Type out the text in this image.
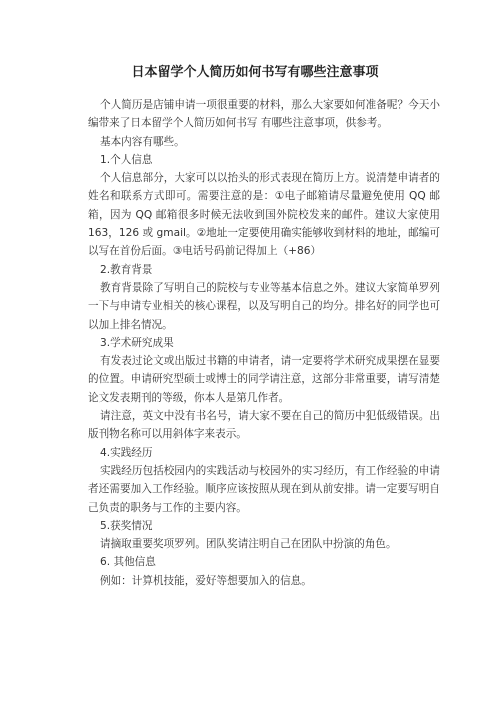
日本留学个人简历如何书写有哪些注意事项

个人简历是店铺申请一项很重要的材料，那么大家要如何准备呢？今天小编带来了日本留学个人简历如何书写 有哪些注意事项，供参考。

基本内容有哪些。

1.个人信息

个人信息部分，大家可以以抬头的形式表现在简历上方。说清楚申请者的姓名和联系方式即可。需要注意的是：①电子邮箱请尽量避免使用 QQ 邮箱，因为 QQ 邮箱很多时候无法收到国外院校发来的邮件。建议大家使用 163，126 或 gmail。②地址一定要使用确实能够收到材料的地址，邮编可以写在首份后面。③电话号码前记得加上（+86）

2.教育背景

教育背景除了写明自己的院校与专业等基本信息之外。建议大家简单罗列一下与申请专业相关的核心课程，以及写明自己的均分。排名好的同学也可以加上排名情况。

3.学术研究成果

有发表过论文或出版过书籍的申请者，请一定要将学术研究成果摆在显要的位置。申请研究型硕士或博士的同学请注意，这部分非常重要，请写清楚论文发表期刊的等级，你本人是第几作者。

请注意，英文中没有书名号，请大家不要在自己的简历中犯低级错误。出版刊物名称可以用斜体字来表示。

4.实践经历

实践经历包括校园内的实践活动与校园外的实习经历，有工作经验的申请者还需要加入工作经验。顺序应该按照从现在到从前安排。请一定要写明自己负责的职务与工作的主要内容。

5.获奖情况

请摘取重要奖项罗列。团队奖请注明自己在团队中扮演的角色。

6. 其他信息

例如：计算机技能，爱好等想要加入的信息。
